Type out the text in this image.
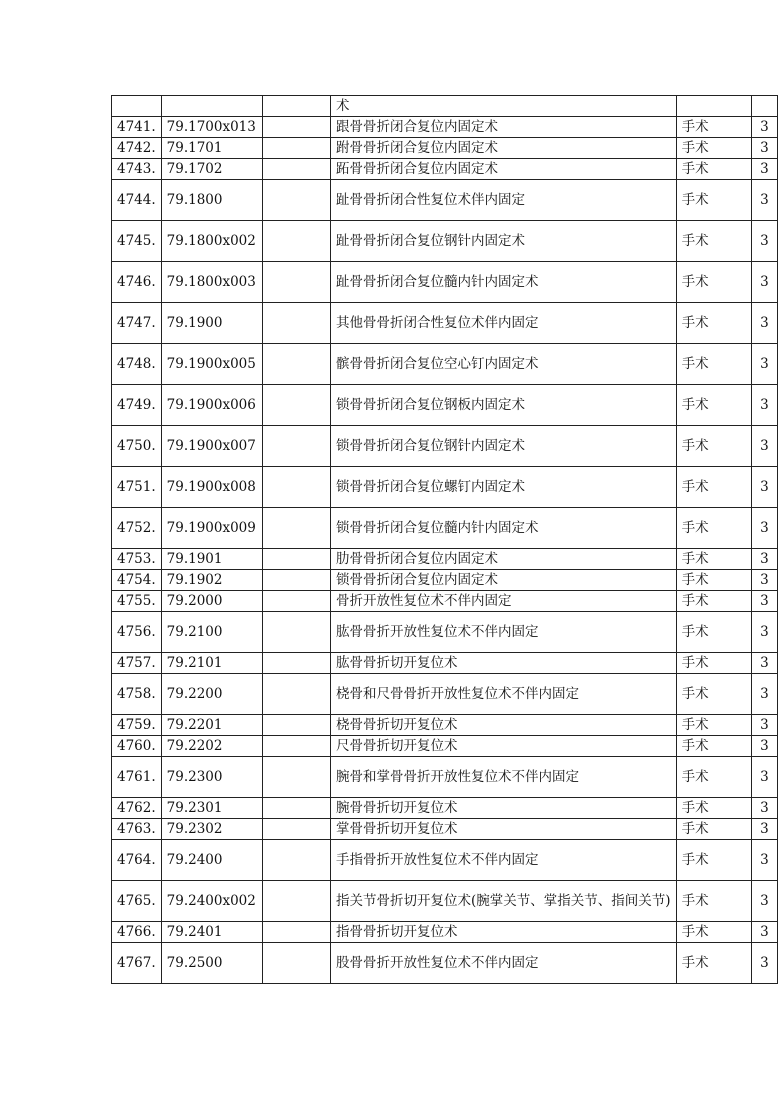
			术		
4741.	79.1700x013		跟骨骨折闭合复位内固定术	手术	3
4742.	79.1701		跗骨骨折闭合复位内固定术	手术	3
4743.	79.1702		跖骨骨折闭合复位内固定术	手术	3
4744.	79.1800		趾骨骨折闭合性复位术伴内固定	手术	3
4745.	79.1800x002		趾骨骨折闭合复位钢针内固定术	手术	3
4746.	79.1800x003		趾骨骨折闭合复位髓内针内固定术	手术	3
4747.	79.1900		其他骨骨折闭合性复位术伴内固定	手术	3
4748.	79.1900x005		髌骨骨折闭合复位空心钉内固定术	手术	3
4749.	79.1900x006		锁骨骨折闭合复位钢板内固定术	手术	3
4750.	79.1900x007		锁骨骨折闭合复位钢针内固定术	手术	3
4751.	79.1900x008		锁骨骨折闭合复位螺钉内固定术	手术	3
4752.	79.1900x009		锁骨骨折闭合复位髓内针内固定术	手术	3
4753.	79.1901		肋骨骨折闭合复位内固定术	手术	3
4754.	79.1902		锁骨骨折闭合复位内固定术	手术	3
4755.	79.2000		骨折开放性复位术不伴内固定	手术	3
4756.	79.2100		肱骨骨折开放性复位术不伴内固定	手术	3
4757.	79.2101		肱骨骨折切开复位术	手术	3
4758.	79.2200		桡骨和尺骨骨折开放性复位术不伴内固定	手术	3
4759.	79.2201		桡骨骨折切开复位术	手术	3
4760.	79.2202		尺骨骨折切开复位术	手术	3
4761.	79.2300		腕骨和掌骨骨折开放性复位术不伴内固定	手术	3
4762.	79.2301		腕骨骨折切开复位术	手术	3
4763.	79.2302		掌骨骨折切开复位术	手术	3
4764.	79.2400		手指骨折开放性复位术不伴内固定	手术	3
4765.	79.2400x002		指关节骨折切开复位术(腕掌关节、掌指关节、指间关节)	手术	3
4766.	79.2401		指骨骨折切开复位术	手术	3
4767.	79.2500		股骨骨折开放性复位术不伴内固定	手术	3
